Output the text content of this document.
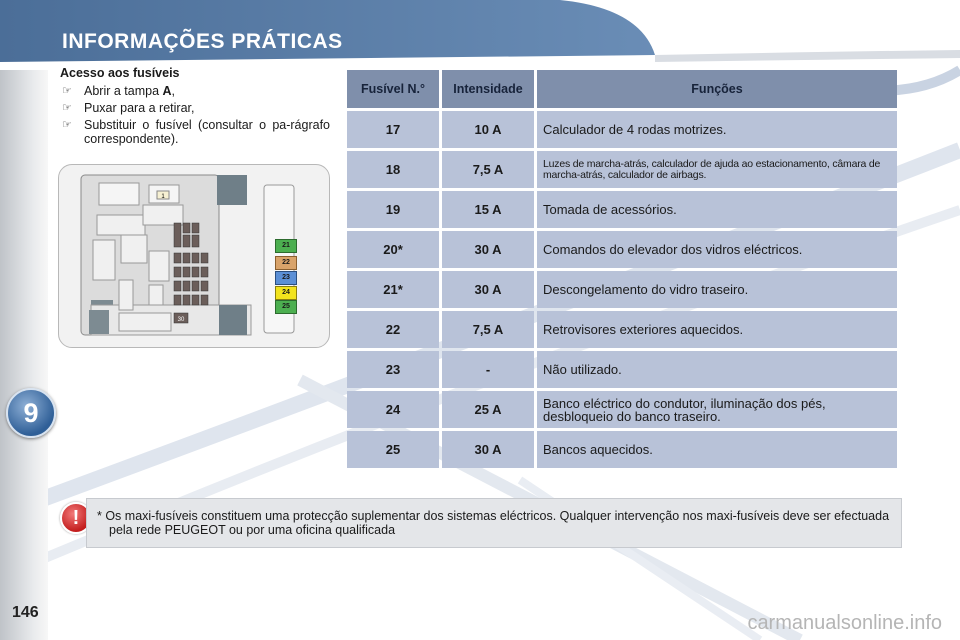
INFORMAÇÕES PRÁTICAS
9
146	carmanualsonline.info
Acesso aos fusíveis
☞ Abrir a tampa A,
☞ Puxar para a retirar,
☞ Substituir o fusível (consultar o pa-rágrafo correspondente).
1
30
21
22
23
24
25
Fusível N.°	Intensidade	Funções
17	10 A	Calculador de 4 rodas motrizes.
18	7,5 A	Luzes de marcha-atrás, calculador de ajuda ao estacionamento, câmara de marcha-atrás, calculador de airbags.
19	15 A	Tomada de acessórios.
20*	30 A	Comandos do elevador dos vidros eléctricos.
21*	30 A	Descongelamento do vidro traseiro.
22	7,5 A	Retrovisores exteriores aquecidos.
23	-	Não utilizado.
24	25 A	Banco eléctrico do condutor, iluminação dos pés, desbloqueio do banco traseiro.
25	30 A	Bancos aquecidos.
!	* Os maxi-fusíveis constituem uma protecção suplementar dos sistemas eléctricos. Qualquer intervenção nos maxi-fusíveis deve ser efectuada pela rede PEUGEOT ou por uma oficina qualificada
